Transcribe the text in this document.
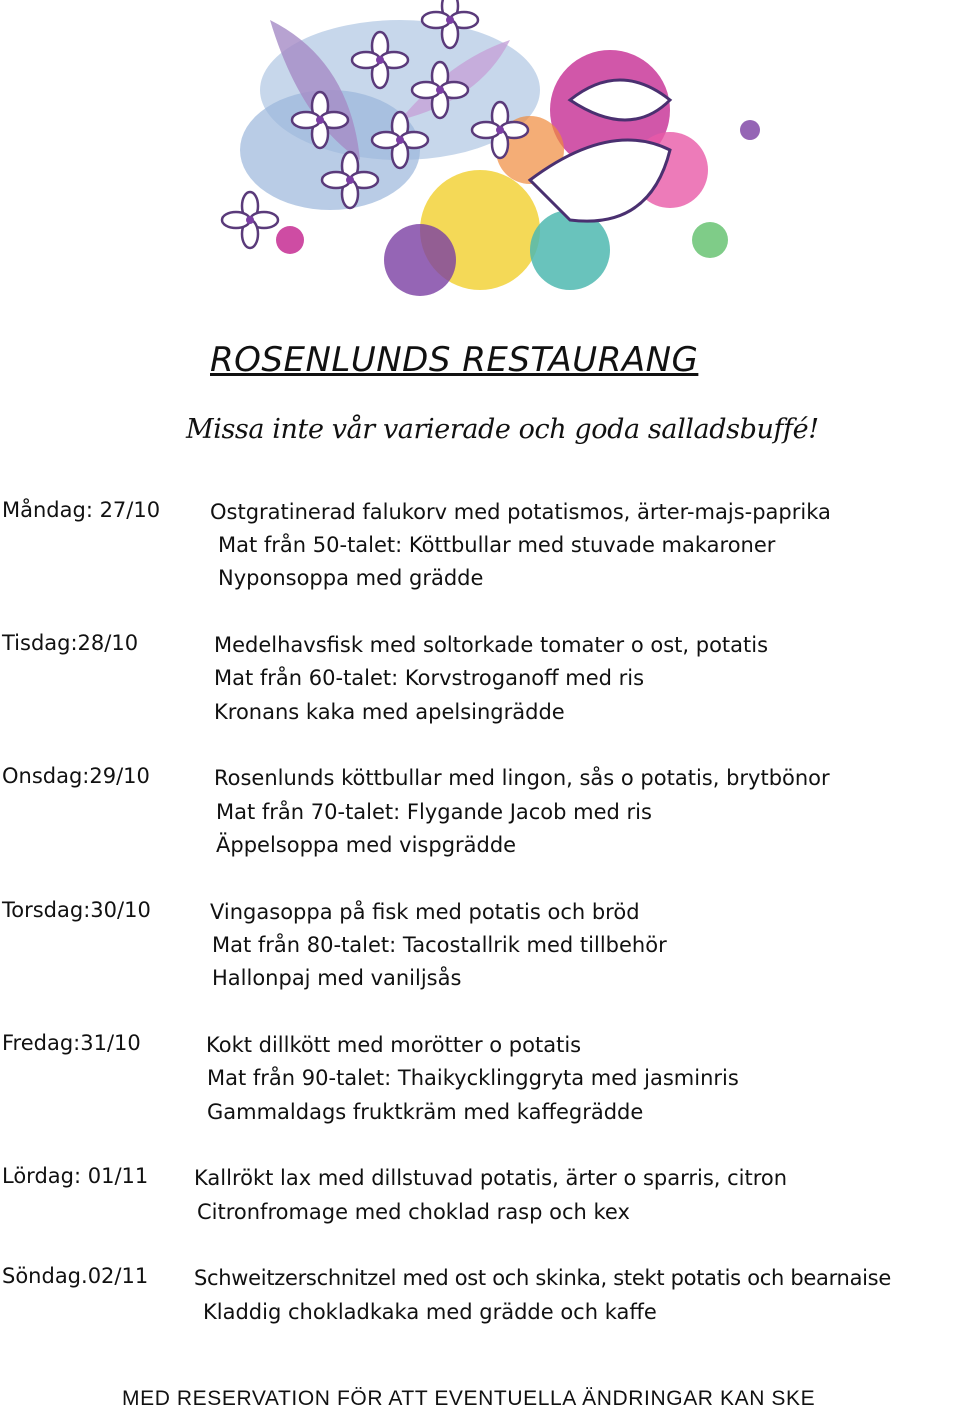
ROSENLUNDS RESTAURANG
Missa inte vår varierade och goda salladsbuffé!
Måndag: 27/10 Ostgratinerad falukorv med potatismos, ärter-majs-paprika
Mat från 50-talet: Köttbullar med stuvade makaroner
Nyponsoppa med grädde
Tisdag:28/10	Medelhavsfisk med soltorkade tomater o ost, potatis
Mat från 60-talet: Korvstroganoff med ris
Kronans kaka med apelsingrädde
Onsdag:29/10	Rosenlunds köttbullar med lingon, sås o potatis, brytbönor
Mat från 70-talet: Flygande Jacob med ris
Äppelsoppa med vispgrädde
Torsdag:30/10	Vingasoppa på fisk med potatis och bröd
Mat från 80-talet: Tacostallrik med tillbehör
Hallonpaj med vaniljsås
Fredag:31/10	Kokt dillkött med morötter o potatis
Mat från 90-talet: Thaikycklinggryta med jasminris
Gammaldags fruktkräm med kaffegrädde
Lördag: 01/11 Kallrökt lax med dillstuvad potatis, ärter o sparris, citron
Citronfromage med choklad rasp och kex
Söndag.02/11 Schweitzerschnitzel med ost och skinka, stekt potatis och bearnaise
Kladdig chokladkaka med grädde och kaffe
MED RESERVATION FÖR ATT EVENTUELLA ÄNDRINGAR KAN SKE
